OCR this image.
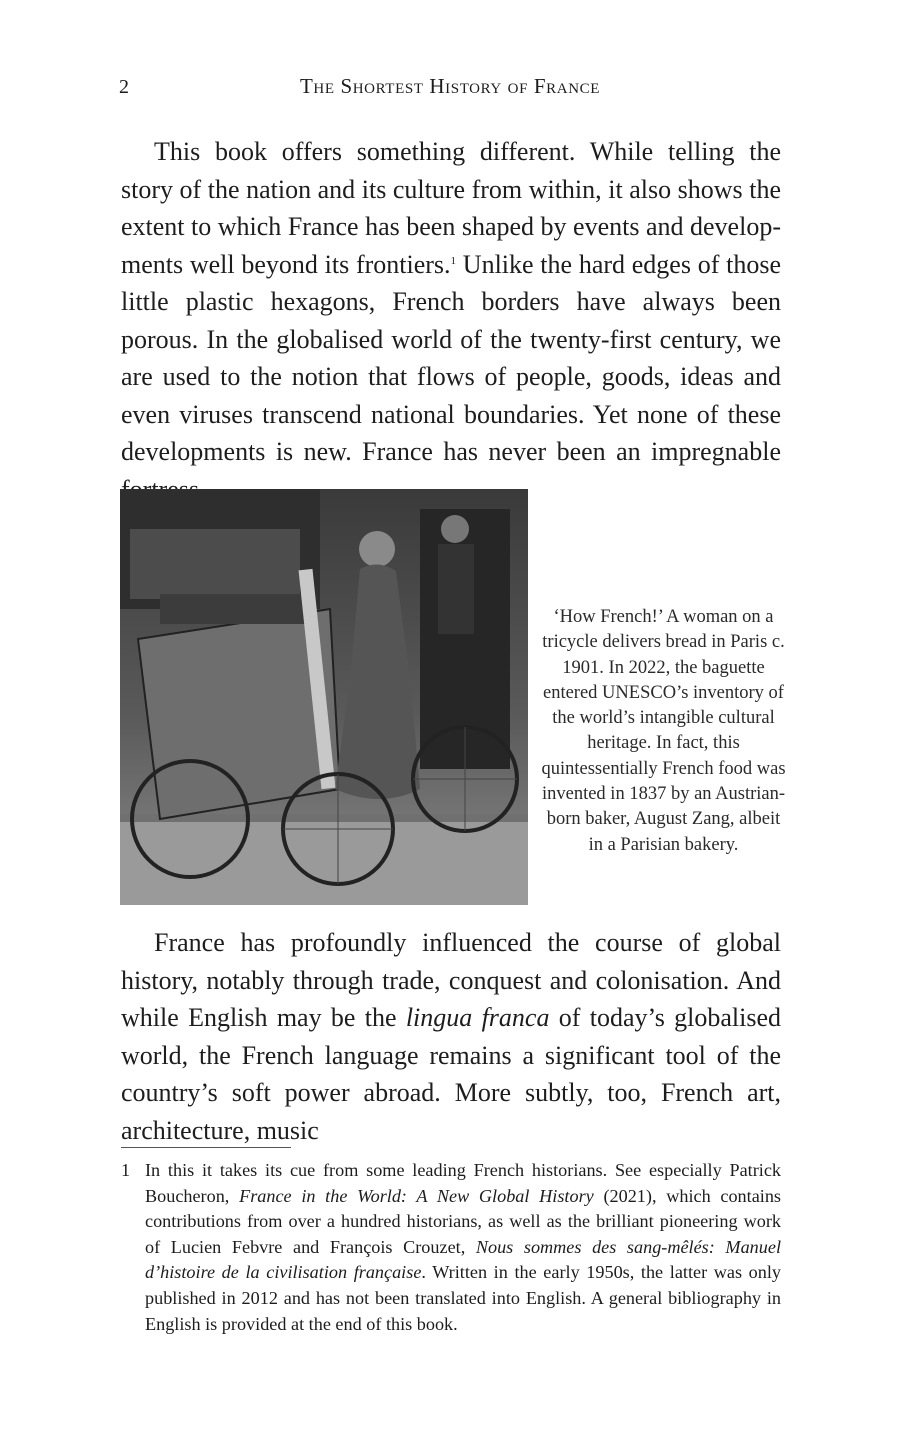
2	The Shortest History of France
This book offers something different. While telling the story of the nation and its culture from within, it also shows the extent to which France has been shaped by events and developments well beyond its frontiers.$^1$ Unlike the hard edges of those little plastic hexagons, French borders have always been porous. In the globalised world of the twenty-first century, we are used to the notion that flows of people, goods, ideas and even viruses transcend national boundaries. Yet none of these developments is new. France has never been an impregnable
‘How French!’ A woman on a tricycle delivers bread in Paris c. 1901. In 2022, the baguette entered UNESCO’s inventory of the world’s intangible cultural heritage. In fact, this quintessentially French food was invented in 1837 by an Austrian-born baker, August Zang, albeit in a Parisian bakery.
France has profoundly influenced the course of global history, notably through trade, conquest and colonisation. And while English may be the lingua franca of today’s globalised world, the French language remains a significant tool of the country’s soft power abroad. More subtly, too, French art, architecture, music
1 In this it takes its cue from some leading French historians. See especially Patrick Boucheron, France in the World: A New Global History (2021), which contains contributions from over a hundred historians, as well as the brilliant pioneering work of Lucien Febvre and François Crouzet, Nous sommes des sang-mêlés: Manuel d’histoire de la civilisation française. Written in the early 1950s, the latter was only published in 2012 and has not been translated into English. A general bibliography in English is provided at the end of this book.
